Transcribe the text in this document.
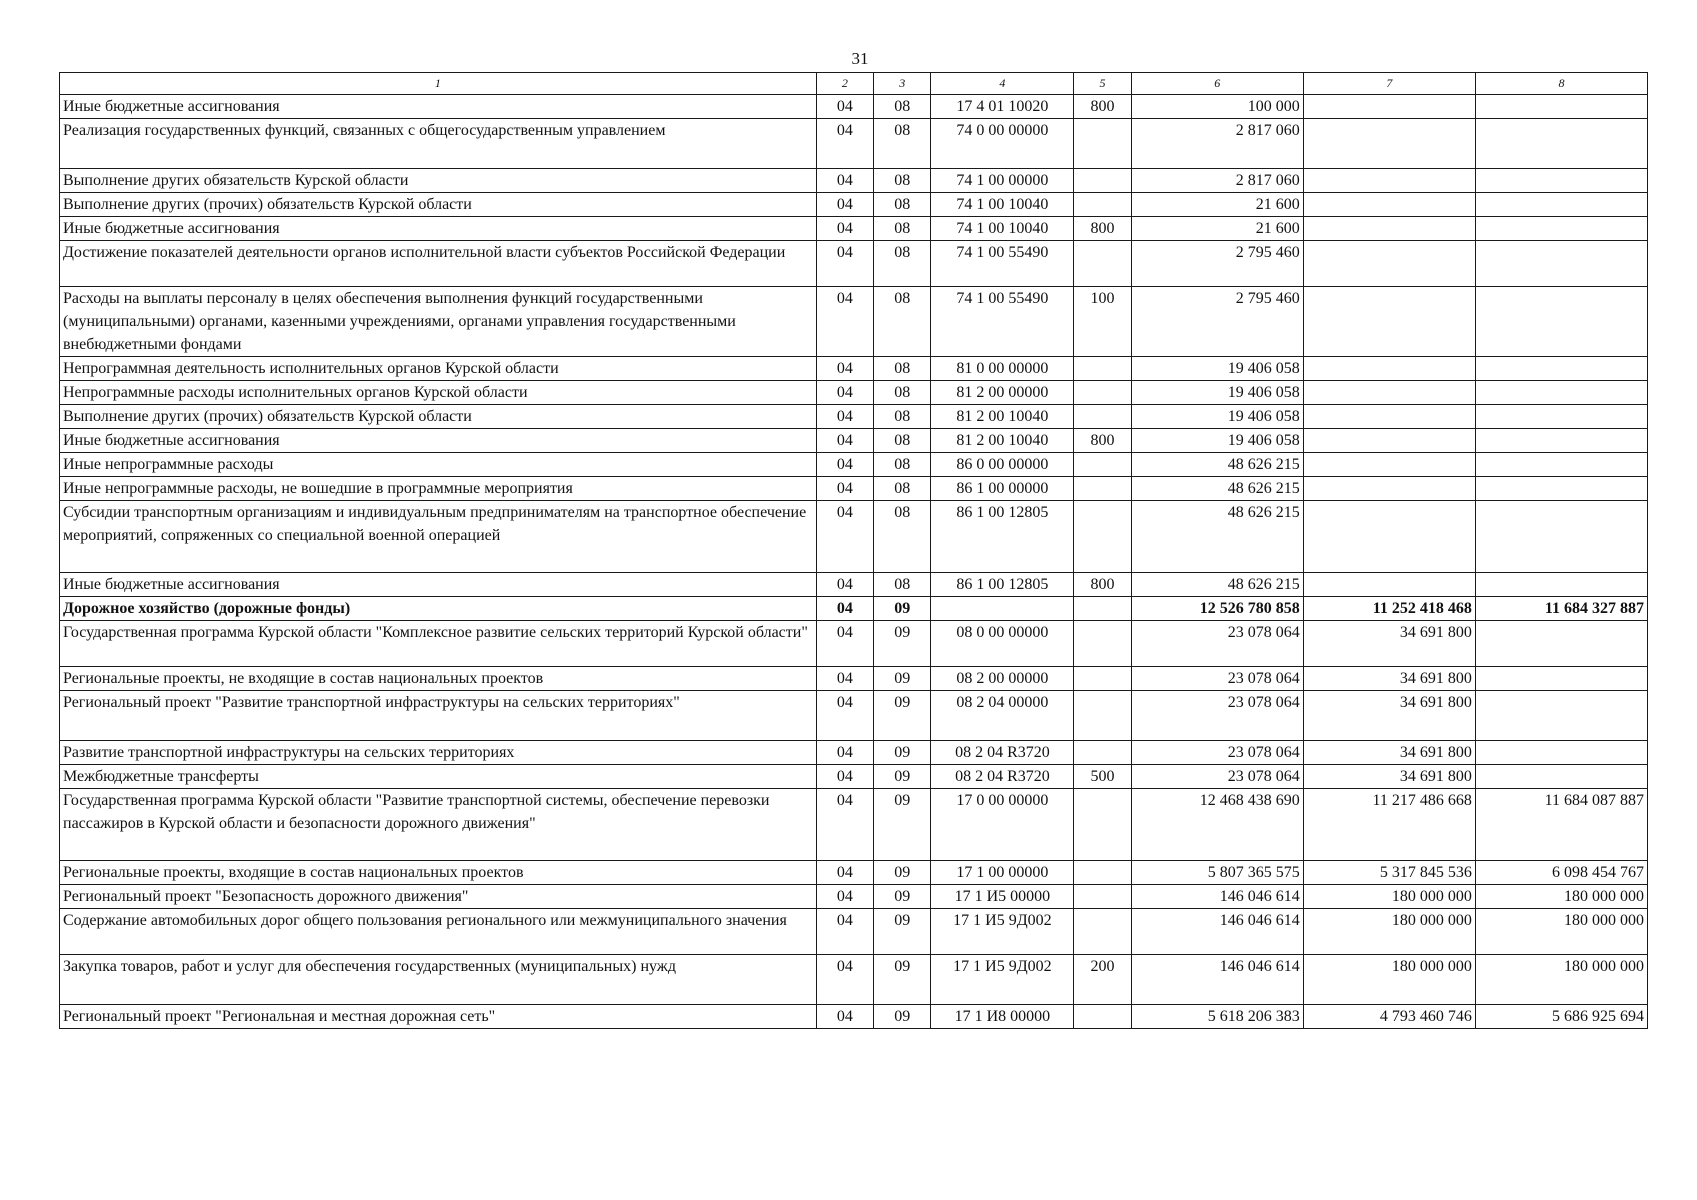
31
1	2	3	4	5	6	7	8
Иные бюджетные ассигнования	04	08	17 4 01 10020	800	100 000		
Реализация государственных функций, связанных с общегосударственным управлением	04	08	74 0 00 00000		2 817 060		
Выполнение других обязательств Курской области	04	08	74 1 00 00000		2 817 060		
Выполнение других (прочих) обязательств Курской области	04	08	74 1 00 10040		21 600		
Иные бюджетные ассигнования	04	08	74 1 00 10040	800	21 600		
Достижение показателей деятельности органов исполнительной власти субъектов Российской Федерации	04	08	74 1 00 55490		2 795 460		
Расходы на выплаты персоналу в целях обеспечения выполнения функций государственными (муниципальными) органами, казенными учреждениями, органами управления государственными внебюджетными фондами	04	08	74 1 00 55490	100	2 795 460		
Непрограммная деятельность исполнительных органов Курской области	04	08	81 0 00 00000		19 406 058		
Непрограммные расходы исполнительных органов Курской области	04	08	81 2 00 00000		19 406 058		
Выполнение других (прочих) обязательств Курской области	04	08	81 2 00 10040		19 406 058		
Иные бюджетные ассигнования	04	08	81 2 00 10040	800	19 406 058		
Иные непрограммные расходы	04	08	86 0 00 00000		48 626 215		
Иные непрограммные расходы, не вошедшие в программные мероприятия	04	08	86 1 00 00000		48 626 215		
Субсидии транспортным организациям и индивидуальным предпринимателям на транспортное обеспечение мероприятий, сопряженных со специальной военной операцией	04	08	86 1 00 12805		48 626 215		
Иные бюджетные ассигнования	04	08	86 1 00 12805	800	48 626 215		
Дорожное хозяйство (дорожные фонды)	04	09			12 526 780 858	11 252 418 468	11 684 327 887
Государственная программа Курской области "Комплексное развитие сельских территорий Курской области"	04	09	08 0 00 00000		23 078 064	34 691 800	
Региональные проекты, не входящие в состав национальных проектов	04	09	08 2 00 00000		23 078 064	34 691 800	
Региональный проект "Развитие транспортной инфраструктуры на сельских территориях"	04	09	08 2 04 00000		23 078 064	34 691 800	
Развитие транспортной инфраструктуры на сельских территориях	04	09	08 2 04 R3720		23 078 064	34 691 800	
Межбюджетные трансферты	04	09	08 2 04 R3720	500	23 078 064	34 691 800	
Государственная программа Курской области "Развитие транспортной системы, обеспечение перевозки пассажиров в Курской области и безопасности дорожного движения"	04	09	17 0 00 00000		12 468 438 690	11 217 486 668	11 684 087 887
Региональные проекты, входящие в состав национальных проектов	04	09	17 1 00 00000		5 807 365 575	5 317 845 536	6 098 454 767
Региональный проект "Безопасность дорожного движения"	04	09	17 1 И5 00000		146 046 614	180 000 000	180 000 000
Содержание автомобильных дорог общего пользования регионального или межмуниципального значения	04	09	17 1 И5 9Д002		146 046 614	180 000 000	180 000 000
Закупка товаров, работ и услуг для обеспечения государственных (муниципальных) нужд	04	09	17 1 И5 9Д002	200	146 046 614	180 000 000	180 000 000
Региональный проект "Региональная и местная дорожная сеть"	04	09	17 1 И8 00000		5 618 206 383	4 793 460 746	5 686 925 694
